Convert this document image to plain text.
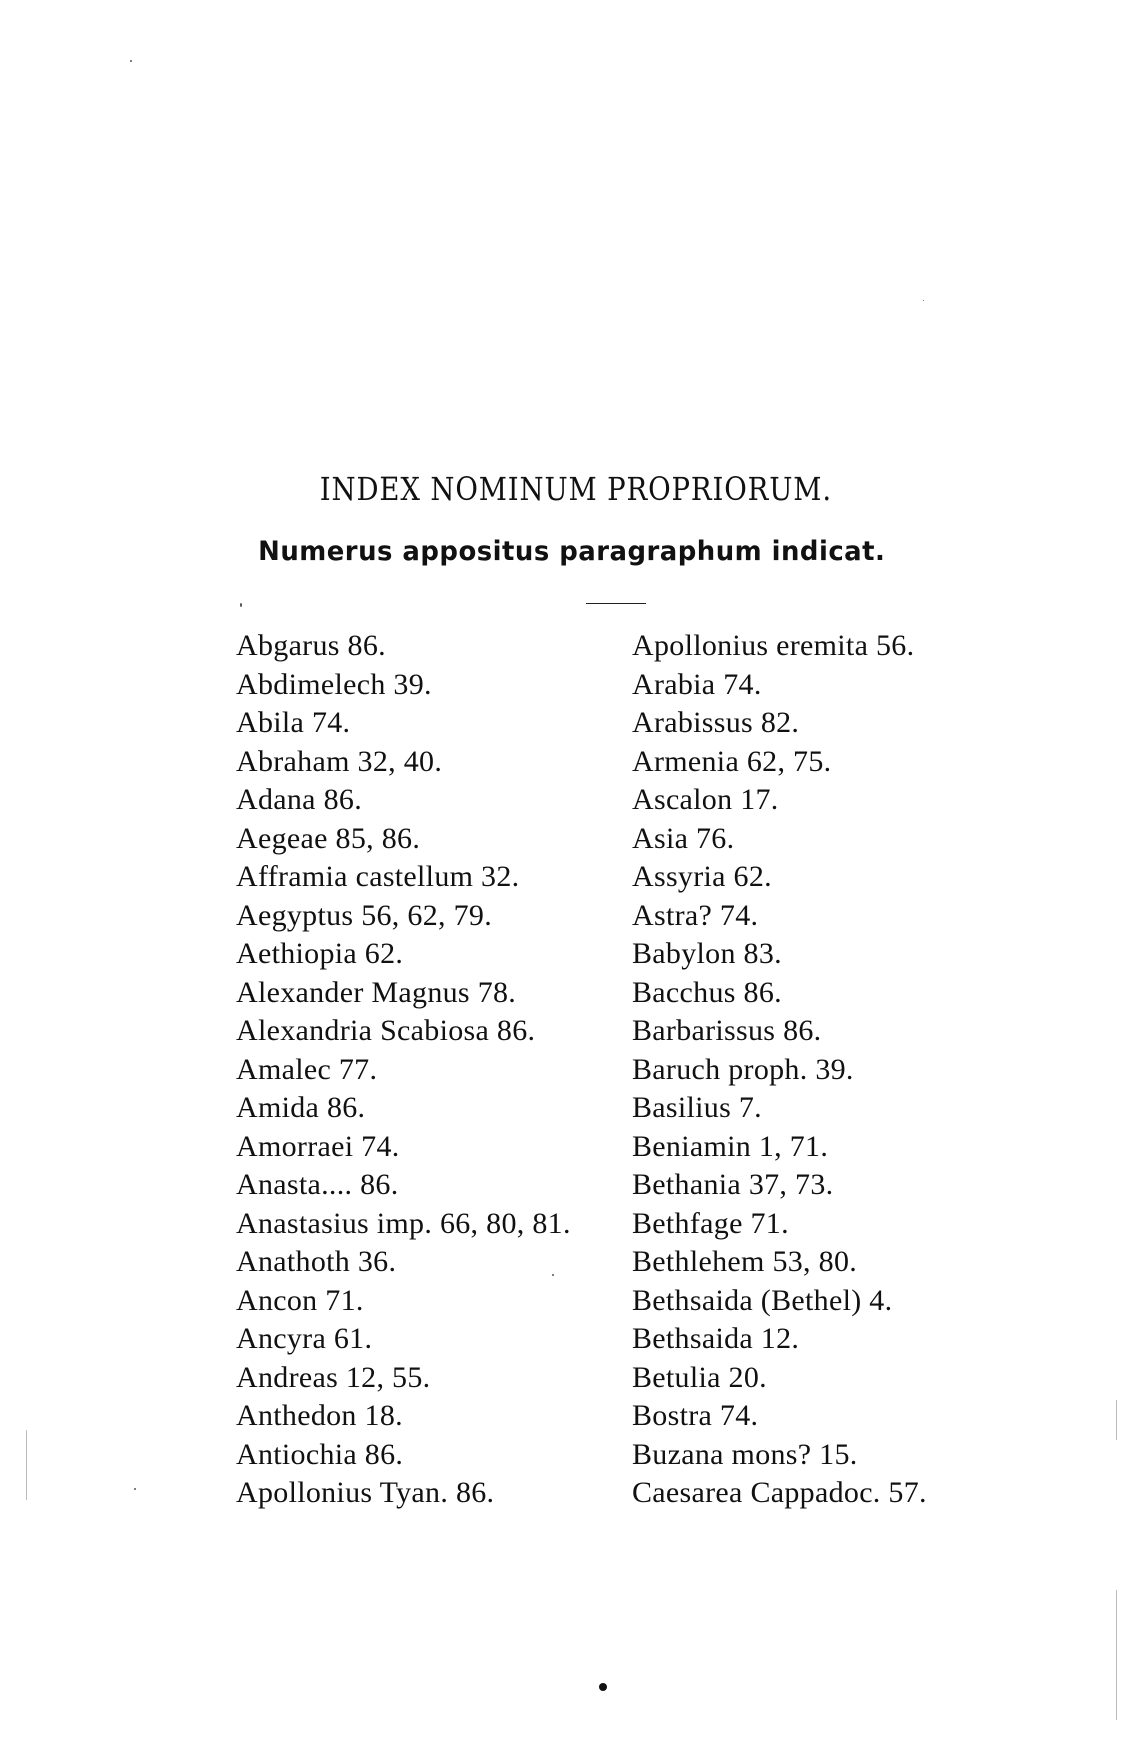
INDEX NOMINUM PROPRIORUM.
Numerus appositus paragraphum indicat.
Abgarus 86.
Abdimelech 39.
Abila 74.
Abraham 32, 40.
Adana 86.
Aegeae 85, 86.
Afframia castellum 32.
Aegyptus 56, 62, 79.
Aethiopia 62.
Alexander Magnus 78.
Alexandria Scabiosa 86.
Amalec 77.
Amida 86.
Amorraei 74.
Anasta.... 86.
Anastasius imp. 66, 80, 81.
Anathoth 36.
Ancon 71.
Ancyra 61.
Andreas 12, 55.
Anthedon 18.
Antiochia 86.
Apollonius Tyan. 86.
Apollonius eremita 56.
Arabia 74.
Arabissus 82.
Armenia 62, 75.
Ascalon 17.
Asia 76.
Assyria 62.
Astra? 74.
Babylon 83.
Bacchus 86.
Barbarissus 86.
Baruch proph. 39.
Basilius 7.
Beniamin 1, 71.
Bethania 37, 73.
Bethfage 71.
Bethlehem 53, 80.
Bethsaida (Bethel) 4.
Bethsaida 12.
Betulia 20.
Bostra 74.
Buzana mons? 15.
Caesarea Cappadoc. 57.
